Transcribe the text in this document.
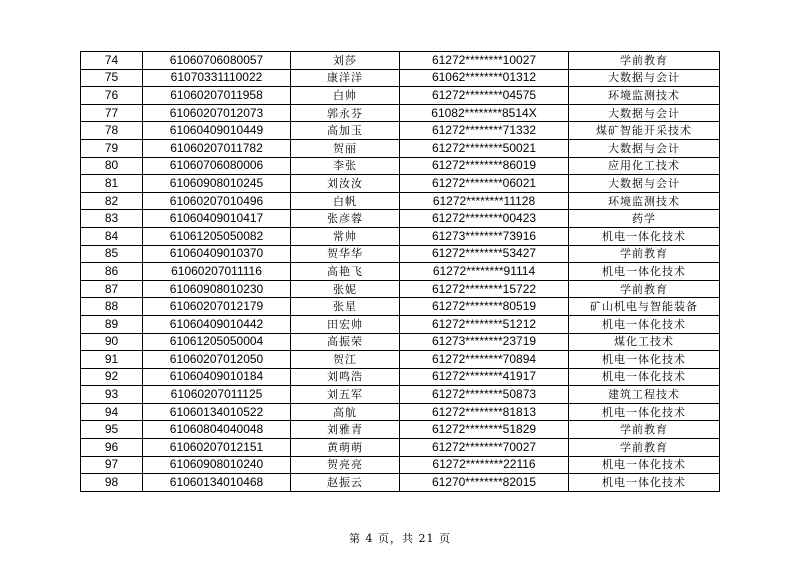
74	61060706080057	刘莎	61272********10027	学前教育
75	61070331110022	康洋洋	61062********01312	大数据与会计
76	61060207011958	白帅	61272********04575	环境监测技术
77	61060207012073	郭永芬	61082********8514X	大数据与会计
78	61060409010449	高加玉	61272********71332	煤矿智能开采技术
79	61060207011782	贺丽	61272********50021	大数据与会计
80	61060706080006	李张	61272********86019	应用化工技术
81	61060908010245	刘汝汝	61272********06021	大数据与会计
82	61060207010496	白帆	61272********11128	环境监测技术
83	61060409010417	张彦蓉	61272********00423	药学
84	61061205050082	常帅	61273********73916	机电一体化技术
85	61060409010370	贺华华	61272********53427	学前教育
86	61060207011116	高艳飞	61272********91114	机电一体化技术
87	61060908010230	张妮	61272********15722	学前教育
88	61060207012179	张星	61272********80519	矿山机电与智能装备
89	61060409010442	田宏帅	61272********51212	机电一体化技术
90	61061205050004	高振荣	61273********23719	煤化工技术
91	61060207012050	贺江	61272********70894	机电一体化技术
92	61060409010184	刘鸣浩	61272********41917	机电一体化技术
93	61060207011125	刘五军	61272********50873	建筑工程技术
94	61060134010522	高航	61272********81813	机电一体化技术
95	61060804040048	刘雅青	61272********51829	学前教育
96	61060207012151	黄萌萌	61272********70027	学前教育
97	61060908010240	贺亮亮	61272********22116	机电一体化技术
98	61060134010468	赵振云	61270********82015	机电一体化技术
第 4 页，共 21 页
